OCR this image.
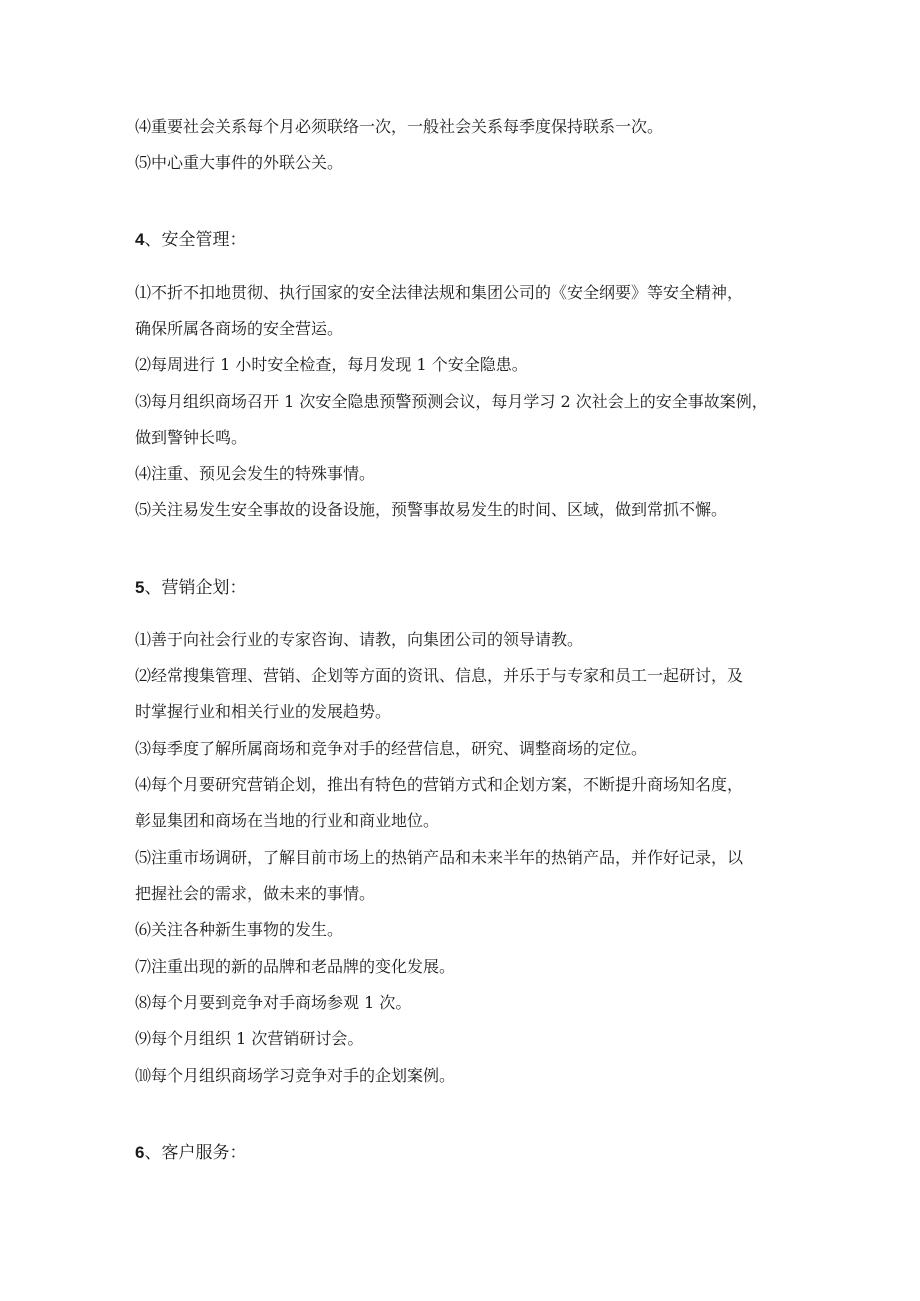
⑷重要社会关系每个月必须联络一次，一般社会关系每季度保持联系一次。
⑸中心重大事件的外联公关。
4、安全管理：
⑴不折不扣地贯彻、执行国家的安全法律法规和集团公司的《安全纲要》等安全精神，
确保所属各商场的安全营运。
⑵每周进行 1 小时安全检查，每月发现 1 个安全隐患。
⑶每月组织商场召开 1 次安全隐患预警预测会议，每月学习 2 次社会上的安全事故案例，
做到警钟长鸣。
⑷注重、预见会发生的特殊事情。
⑸关注易发生安全事故的设备设施，预警事故易发生的时间、区域，做到常抓不懈。
5、营销企划：
⑴善于向社会行业的专家咨询、请教，向集团公司的领导请教。
⑵经常搜集管理、营销、企划等方面的资讯、信息，并乐于与专家和员工一起研讨，及
时掌握行业和相关行业的发展趋势。
⑶每季度了解所属商场和竞争对手的经营信息，研究、调整商场的定位。
⑷每个月要研究营销企划，推出有特色的营销方式和企划方案，不断提升商场知名度，
彰显集团和商场在当地的行业和商业地位。
⑸注重市场调研，了解目前市场上的热销产品和未来半年的热销产品，并作好记录，以
把握社会的需求，做未来的事情。
⑹关注各种新生事物的发生。
⑺注重出现的新的品牌和老品牌的变化发展。
⑻每个月要到竞争对手商场参观 1 次。
⑼每个月组织 1 次营销研讨会。
⑽每个月组织商场学习竞争对手的企划案例。
6、客户服务：
